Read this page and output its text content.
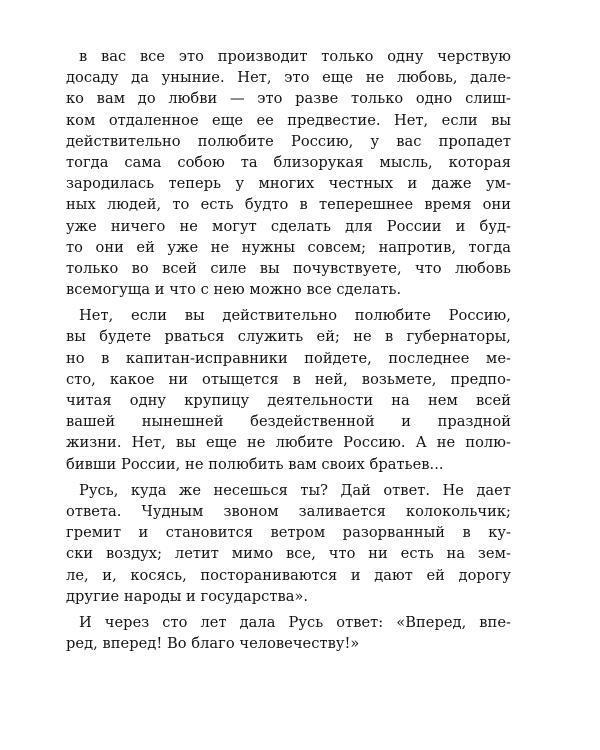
в вас все это производит только одну черствую
досаду да уныние. Нет, это еще не любовь, дале-
ко вам до любви — это разве только одно слиш-
ком отдаленное еще ее предвестие. Нет, если вы
действительно полюбите Россию, у вас пропадет
тогда сама собою та близорукая мысль, которая
зародилась теперь у многих честных и даже ум-
ных людей, то есть будто в теперешнее время они
уже ничего не могут сделать для России и буд-
то они ей уже не нужны совсем; напротив, тогда
только во всей силе вы почувствуете, что любовь
всемогуща и что с нею можно все сделать.
Нет, если вы действительно полюбите Россию,
вы будете рваться служить ей; не в губернаторы,
но в капитан-исправники пойдете, последнее ме-
сто, какое ни отыщется в ней, возьмете, предпо-
читая одну крупицу деятельности на нем всей
вашей нынешней бездейственной и праздной
жизни. Нет, вы еще не любите Россию. А не полю-
бивши России, не полюбить вам своих братьев...
Русь, куда же несешься ты? Дай ответ. Не дает
ответа. Чудным звоном заливается колокольчик;
гремит и становится ветром разорванный в ку-
ски воздух; летит мимо все, что ни есть на зем-
ле, и, косясь, постораниваются и дают ей дорогу
другие народы и государства».
И через сто лет дала Русь ответ: «Вперед, впе-
ред, вперед! Во благо человечеству!»
